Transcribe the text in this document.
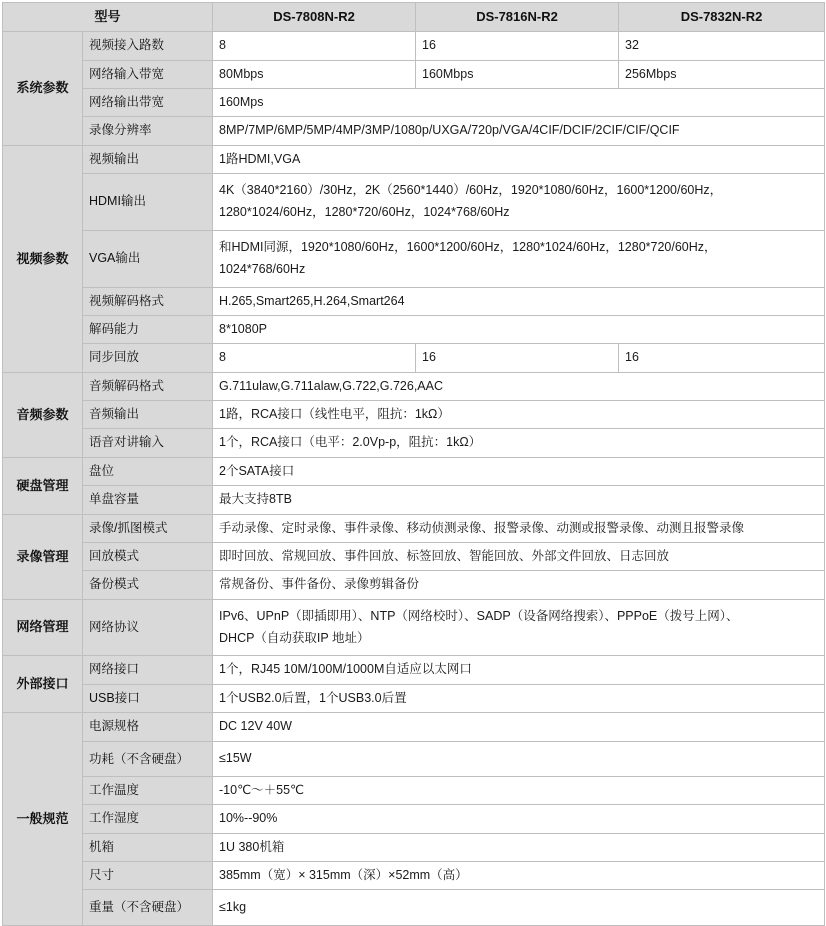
型号		DS-7808N-R2	DS-7816N-R2	DS-7832N-R2
系统参数	视频接入路数	8	16	32
	网络输入带宽	80Mbps	160Mbps	256Mbps
	网络输出带宽	160Mps		
	录像分辨率	8MP/7MP/6MP/5MP/4MP/3MP/1080p/UXGA/720p/VGA/4CIF/DCIF/2CIF/CIF/QCIF		
视频参数	视频输出	1路HDMI,VGA		
	HDMI输出	4K（3840*2160）/30Hz，2K（2560*1440）/60Hz，1920*1080/60Hz，1600*1200/60Hz，
1280*1024/60Hz，1280*720/60Hz，1024*768/60Hz		

	VGA输出	和HDMI同源，1920*1080/60Hz，1600*1200/60Hz，1280*1024/60Hz，1280*720/60Hz，
1024*768/60Hz		

	视频解码格式	H.265,Smart265,H.264,Smart264		
	解码能力	8*1080P		
	同步回放	8	16	16
音频参数	音频解码格式	G.711ulaw,G.711alaw,G.722,G.726,AAC		
	音频输出	1路，RCA接口（线性电平，阻抗：1kΩ）		
	语音对讲输入	1个，RCA接口（电平：2.0Vp-p，阻抗：1kΩ）		
硬盘管理	盘位	2个SATA接口		
	单盘容量	最大支持8TB		
录像管理	录像/抓图模式	手动录像、定时录像、事件录像、移动侦测录像、报警录像、动测或报警录像、动测且报警录像		
	回放模式	即时回放、常规回放、事件回放、标签回放、智能回放、外部文件回放、日志回放		
	备份模式	常规备份、事件备份、录像剪辑备份		
网络管理	网络协议	IPv6、UPnP（即插即用）、NTP（网络校时）、SADP（设备网络搜索）、PPPoE（拨号上网）、
DHCP（自动获取IP 地址）		

外部接口	网络接口	1个，RJ45 10M/100M/1000M自适应以太网口		
	USB接口	1个USB2.0后置，1个USB3.0后置		
一般规范	电源规格	DC 12V 40W		
	功耗（不含硬盘）	≤15W		
	工作温度	-10℃～＋55℃		
	工作湿度	10%--90%		
	机箱	1U 380机箱		
	尺寸	385mm（宽）× 315mm（深）×52mm（高）		
	重量（不含硬盘）	≤1kg		
